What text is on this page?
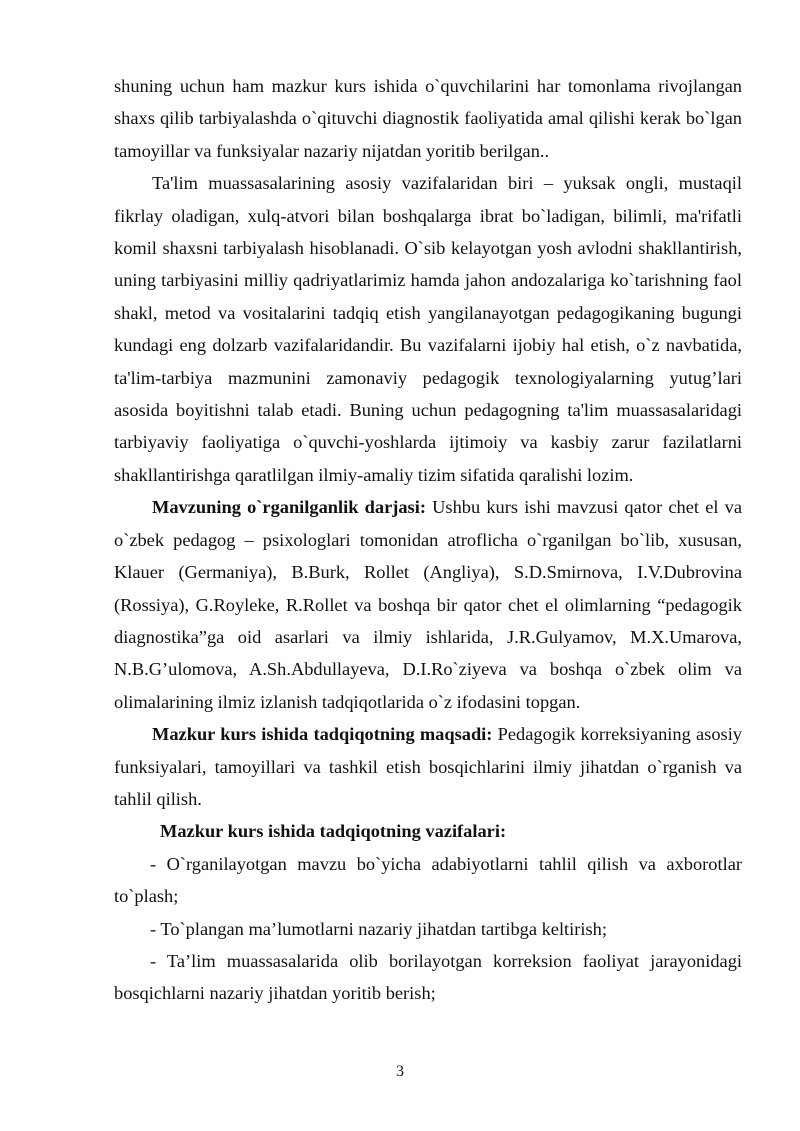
shuning uchun ham mazkur kurs ishida o`quvchilarini har tomonlama rivojlangan shaxs qilib tarbiyalashda o`qituvchi diagnostik faoliyatida amal qilishi kerak bo`lgan tamoyillar va funksiyalar nazariy nijatdan yoritib berilgan..

Ta'lim muassasalarining asosiy vazifalaridan biri – yuksak ongli, mustaqil fikrlay oladigan, xulq-atvori bilan boshqalarga ibrat bo`ladigan, bilimli, ma'rifatli komil shaxsni tarbiyalash hisoblanadi. O`sib kelayotgan yosh avlodni shakllantirish, uning tarbiyasini milliy qadriyatlarimiz hamda jahon andozalariga ko`tarishning faol shakl, metod va vositalarini tadqiq etish yangilanayotgan pedagogikaning bugungi kundagi eng dolzarb vazifalaridandir. Bu vazifalarni ijobiy hal etish, o`z navbatida, ta'lim-tarbiya mazmunini zamonaviy pedagogik texnologiyalarning yutug’lari asosida boyitishni talab etadi. Buning uchun pedagogning ta'lim muassasalaridagi tarbiyaviy faoliyatiga o`quvchi-yoshlarda ijtimoiy va kasbiy zarur fazilatlarni shakllantirishga qaratlilgan ilmiy-amaliy tizim sifatida qaralishi lozim.

Mavzuning o`rganilganlik darjasi: Ushbu kurs ishi mavzusi qator chet el va o`zbek pedagog – psixologlari tomonidan atroflicha o`rganilgan bo`lib, xususan, Klauer (Germaniya), B.Burk, Rollet (Angliya), S.D.Smirnova, I.V.Dubrovina (Rossiya), G.Royleke, R.Rollet va boshqa bir qator chet el olimlarning “pedagogik diagnostika”ga oid asarlari va ilmiy ishlarida, J.R.Gulyamov, M.X.Umarova, N.B.G’ulomova, A.Sh.Abdullayeva, D.I.Ro`ziyeva va boshqa o`zbek olim va olimalarining ilmiz izlanish tadqiqotlarida o`z ifodasini topgan.

Mazkur kurs ishida tadqiqotning maqsadi: Pedagogik korreksiyaning asosiy funksiyalari, tamoyillari va tashkil etish bosqichlarini ilmiy jihatdan o`rganish va tahlil qilish.

Mazkur kurs ishida tadqiqotning vazifalari:

- O`rganilayotgan mavzu bo`yicha adabiyotlarni tahlil qilish va axborotlar to`plash;

- To`plangan ma’lumotlarni nazariy jihatdan tartibga keltirish;

- Ta’lim muassasalarida olib borilayotgan korreksion faoliyat jarayonidagi bosqichlarni nazariy jihatdan yoritib berish;

3
